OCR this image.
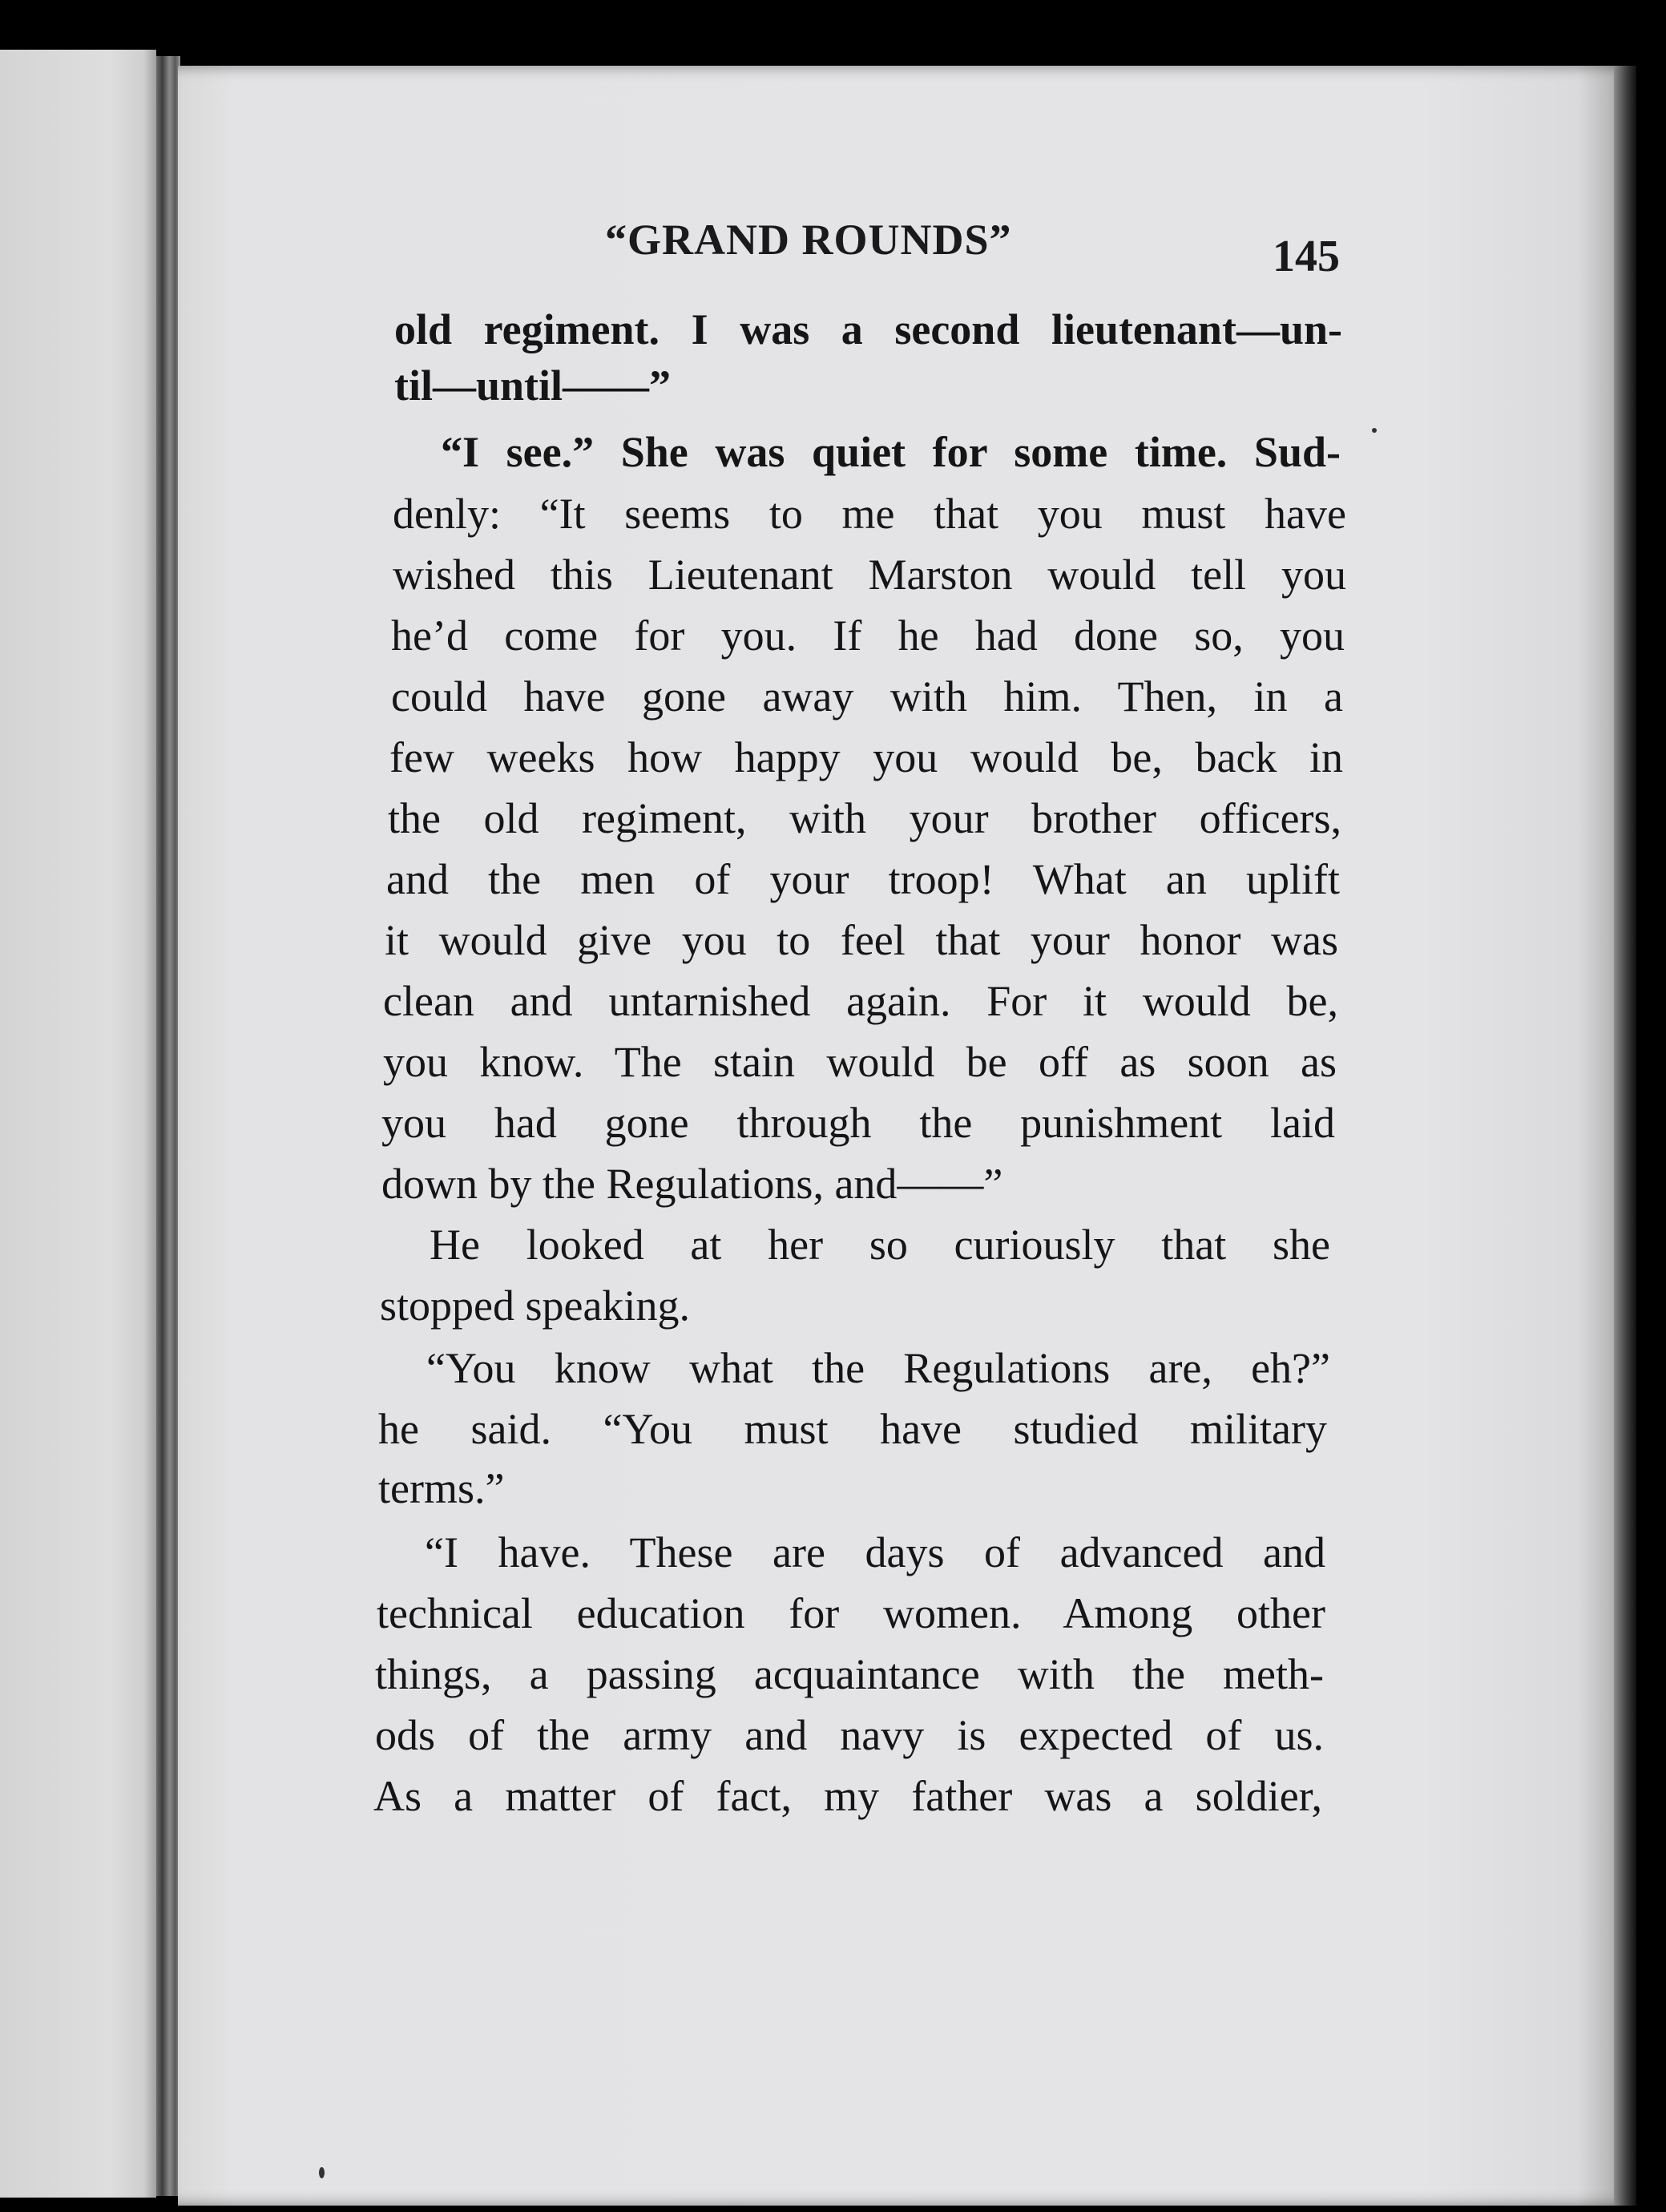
“GRAND ROUNDS”	145
old regiment. I was a second lieutenant—un-
til—until——”
“I see.” She was quiet for some time. Sud-
denly: “It seems to me that you must have
wished this Lieutenant Marston would tell you
he’d come for you. If he had done so, you
could have gone away with him. Then, in a
few weeks how happy you would be, back in
the old regiment, with your brother officers,
and the men of your troop! What an uplift
it would give you to feel that your honor was
clean and untarnished again. For it would be,
you know. The stain would be off as soon as
you had gone through the punishment laid
down by the Regulations, and——”
He looked at her so curiously that she
stopped speaking.
“You know what the Regulations are, eh?”
he said. “You must have studied military
terms.”
“I have. These are days of advanced and
technical education for women. Among other
things, a passing acquaintance with the meth-
ods of the army and navy is expected of us.
As a matter of fact, my father was a soldier,
